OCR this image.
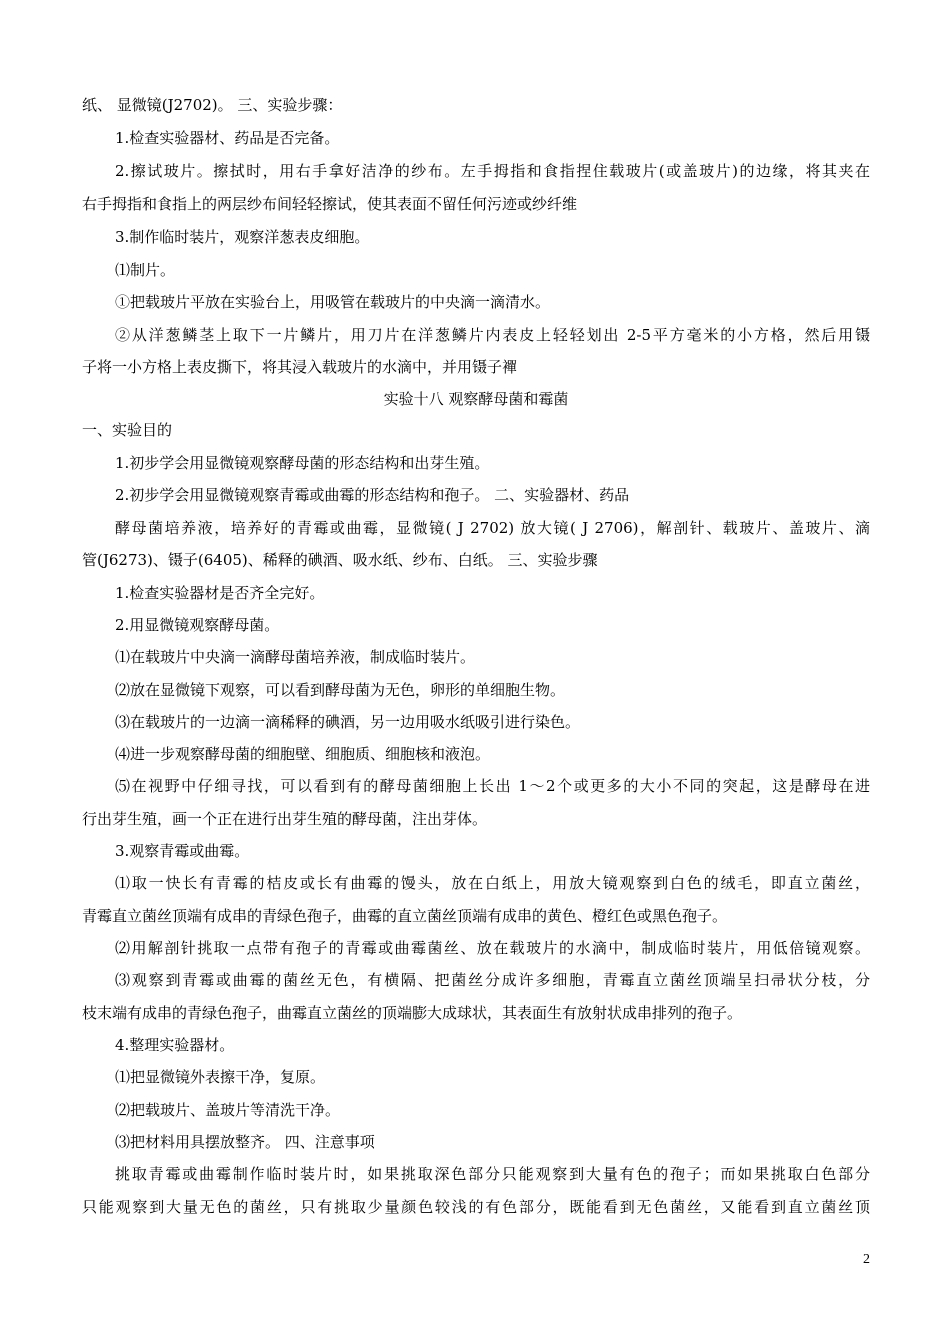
纸、 显微镜(J2702)。 三、实验步骤：
1.检查实验器材、药品是否完备。
2.擦试玻片。擦拭时，用右手拿好洁净的纱布。左手拇指和食指捏住载玻片(或盖玻片)的边缘，将其夹在
右手拇指和食指上的两层纱布间轻轻擦试，使其表面不留任何污迹或纱纤维
3.制作临时装片，观察洋葱表皮细胞。
⑴制片。
①把载玻片平放在实验台上，用吸管在载玻片的中央滴一滴清水。
②从洋葱鳞茎上取下一片鳞片，用刀片在洋葱鳞片内表皮上轻轻划出 2-5平方毫米的小方格，然后用镊
子将一小方格上表皮撕下，将其浸入载玻片的水滴中，并用镊子襌
实验十八 观察酵母菌和霉菌
一、实验目的
1.初步学会用显微镜观察酵母菌的形态结构和出芽生殖。
2.初步学会用显微镜观察青霉或曲霉的形态结构和孢子。 二、实验器材、药品
酵母菌培养液，培养好的青霉或曲霉，显微镜( J 2702) 放大镜( J 2706)，解剖针、载玻片、盖玻片、滴
管(J6273)、镊子(6405)、稀释的碘酒、吸水纸、纱布、白纸。 三、实验步骤
1.检查实验器材是否齐全完好。
2.用显微镜观察酵母菌。
⑴在载玻片中央滴一滴酵母菌培养液，制成临时装片。
⑵放在显微镜下观察，可以看到酵母菌为无色，卵形的单细胞生物。
⑶在载玻片的一边滴一滴稀释的碘酒，另一边用吸水纸吸引进行染色。
⑷进一步观察酵母菌的细胞壁、细胞质、细胞核和液泡。
⑸在视野中仔细寻找，可以看到有的酵母菌细胞上长出 1～2个或更多的大小不同的突起，这是酵母在进
行出芽生殖，画一个正在进行出芽生殖的酵母菌，注出芽体。
3.观察青霉或曲霉。
⑴取一快长有青霉的桔皮或长有曲霉的馒头，放在白纸上，用放大镜观察到白色的绒毛，即直立菌丝，
青霉直立菌丝顶端有成串的青绿色孢子，曲霉的直立菌丝顶端有成串的黄色、橙红色或黑色孢子。
⑵用解剖针挑取一点带有孢子的青霉或曲霉菌丝、放在载玻片的水滴中，制成临时装片，用低倍镜观察。
⑶观察到青霉或曲霉的菌丝无色，有横隔、把菌丝分成许多细胞，青霉直立菌丝顶端呈扫帚状分枝，分
枝末端有成串的青绿色孢子，曲霉直立菌丝的顶端膨大成球状，其表面生有放射状成串排列的孢子。
4.整理实验器材。
⑴把显微镜外表擦干净，复原。
⑵把载玻片、盖玻片等清洗干净。
⑶把材料用具摆放整齐。 四、注意事项
挑取青霉或曲霉制作临时装片时，如果挑取深色部分只能观察到大量有色的孢子；而如果挑取白色部分
只能观察到大量无色的菌丝，只有挑取少量颜色较浅的有色部分，既能看到无色菌丝，又能看到直立菌丝顶
2
